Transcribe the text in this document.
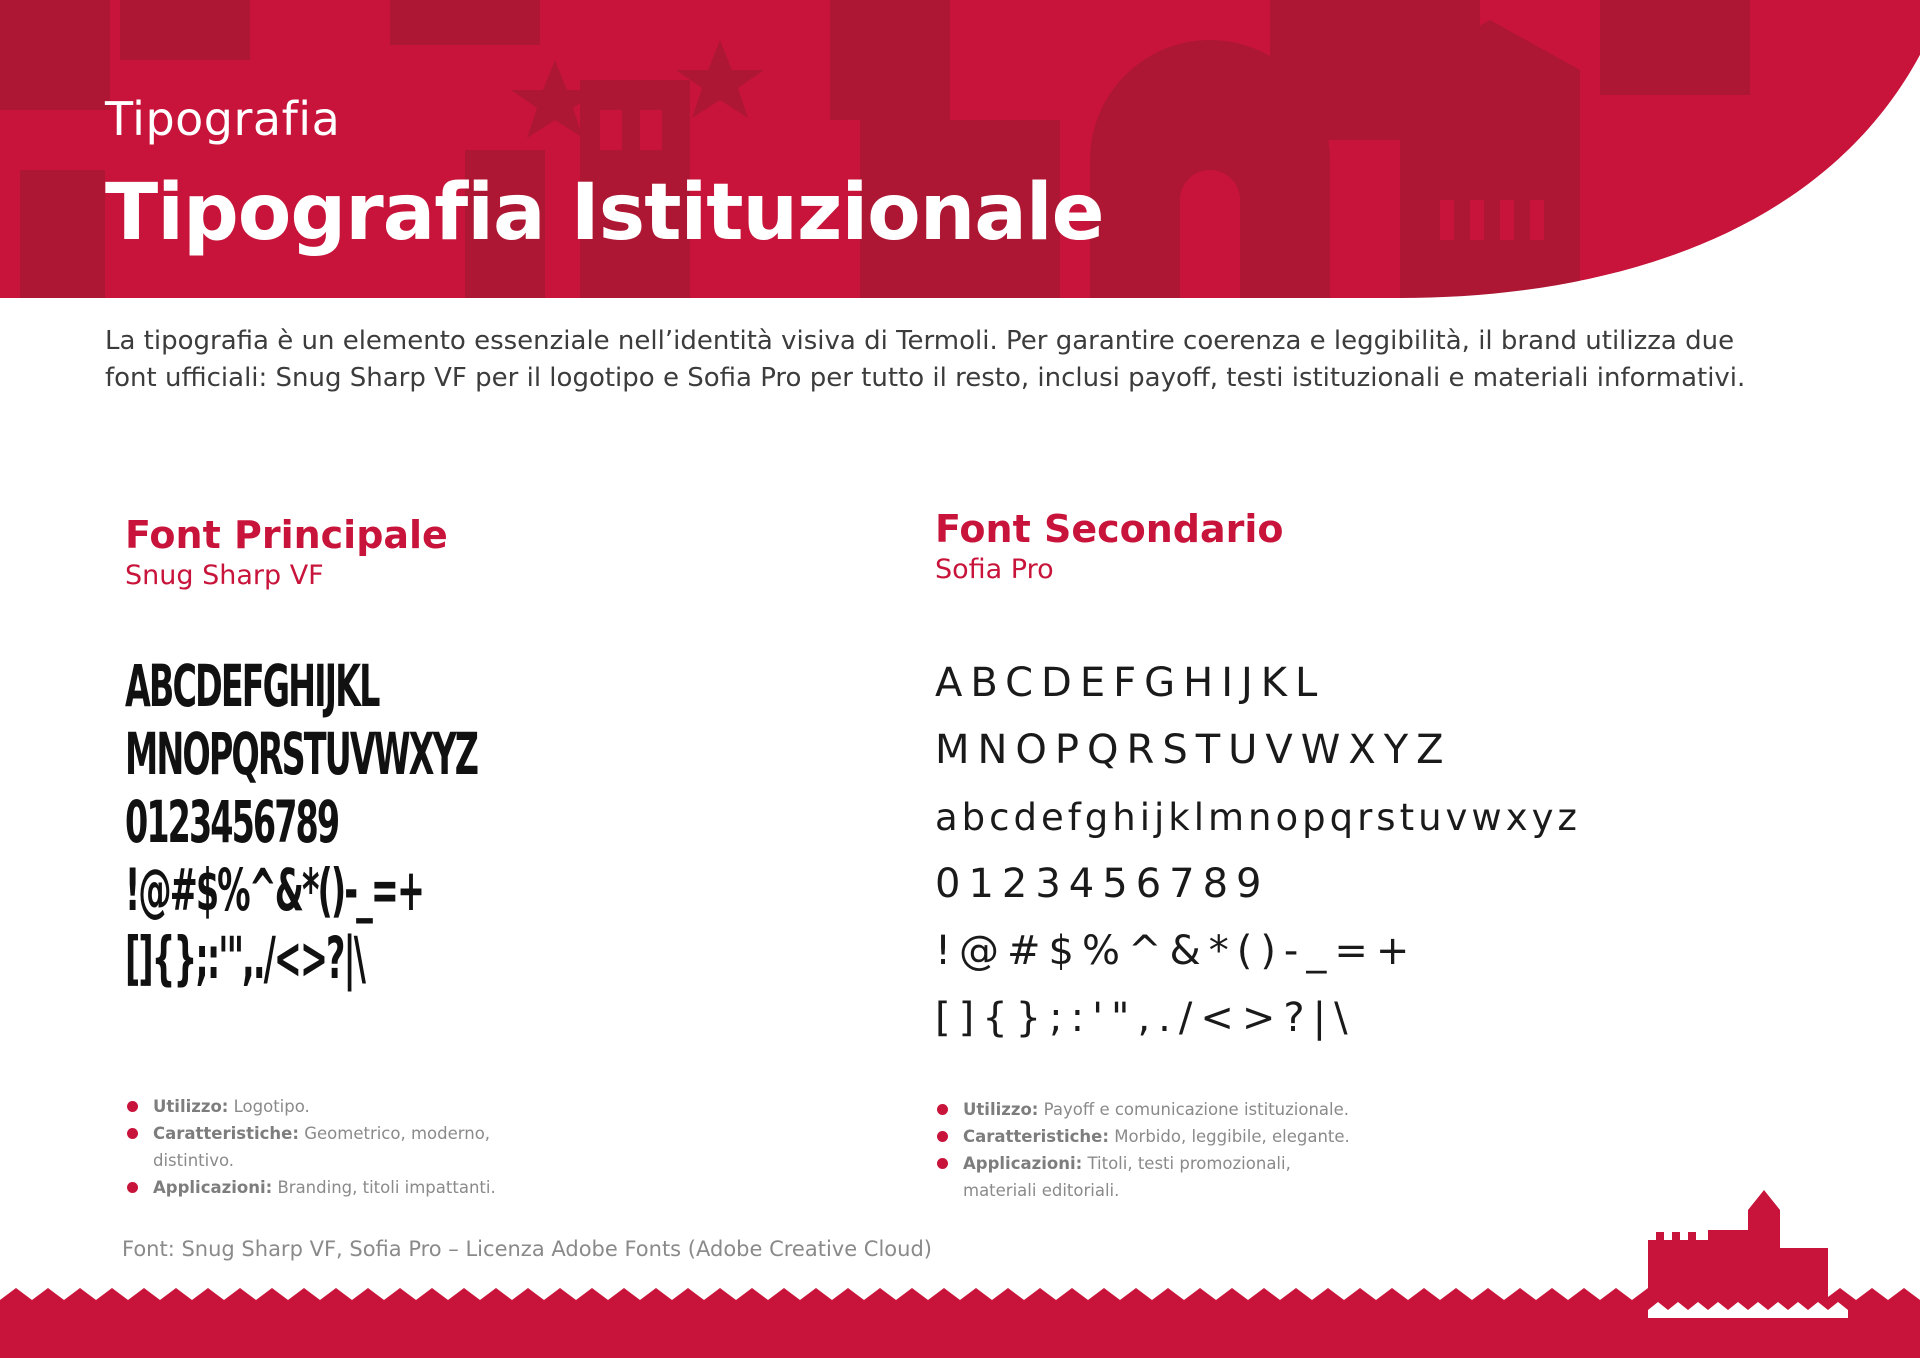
Tipografia
Tipografia Istituzionale
La tipografia è un elemento essenziale nell’identità visiva di Termoli. Per garantire coerenza e leggibilità, il brand utilizza due font ufficiali: Snug Sharp VF per il logotipo e Sofia Pro per tutto il resto, inclusi payoff, testi istituzionali e materiali informativi.
Font Principale
Snug Sharp VF
ABCDEFGHIJKL
MNOPQRSTUVWXYZ
0123456789
!@#$%^&*()-_=+
[]{};:'",./<>?|\
Utilizzo: Logotipo.
Caratteristiche: Geometrico, moderno, distintivo.
Applicazioni: Branding, titoli impattanti.
Font Secondario
Sofia Pro
ABCDEFGHIJKL
MNOPQRSTUVWXYZ
abcdefghijklmnopqrstuvwxyz
0123456789
!@#$%^&*()-_=+
[]{};:'",./<>?|\
Utilizzo: Payoff e comunicazione istituzionale.
Caratteristiche: Morbido, leggibile, elegante.
Applicazioni: Titoli, testi promozionali, materiali editoriali.
Font: Snug Sharp VF, Sofia Pro – Licenza Adobe Fonts (Adobe Creative Cloud)
